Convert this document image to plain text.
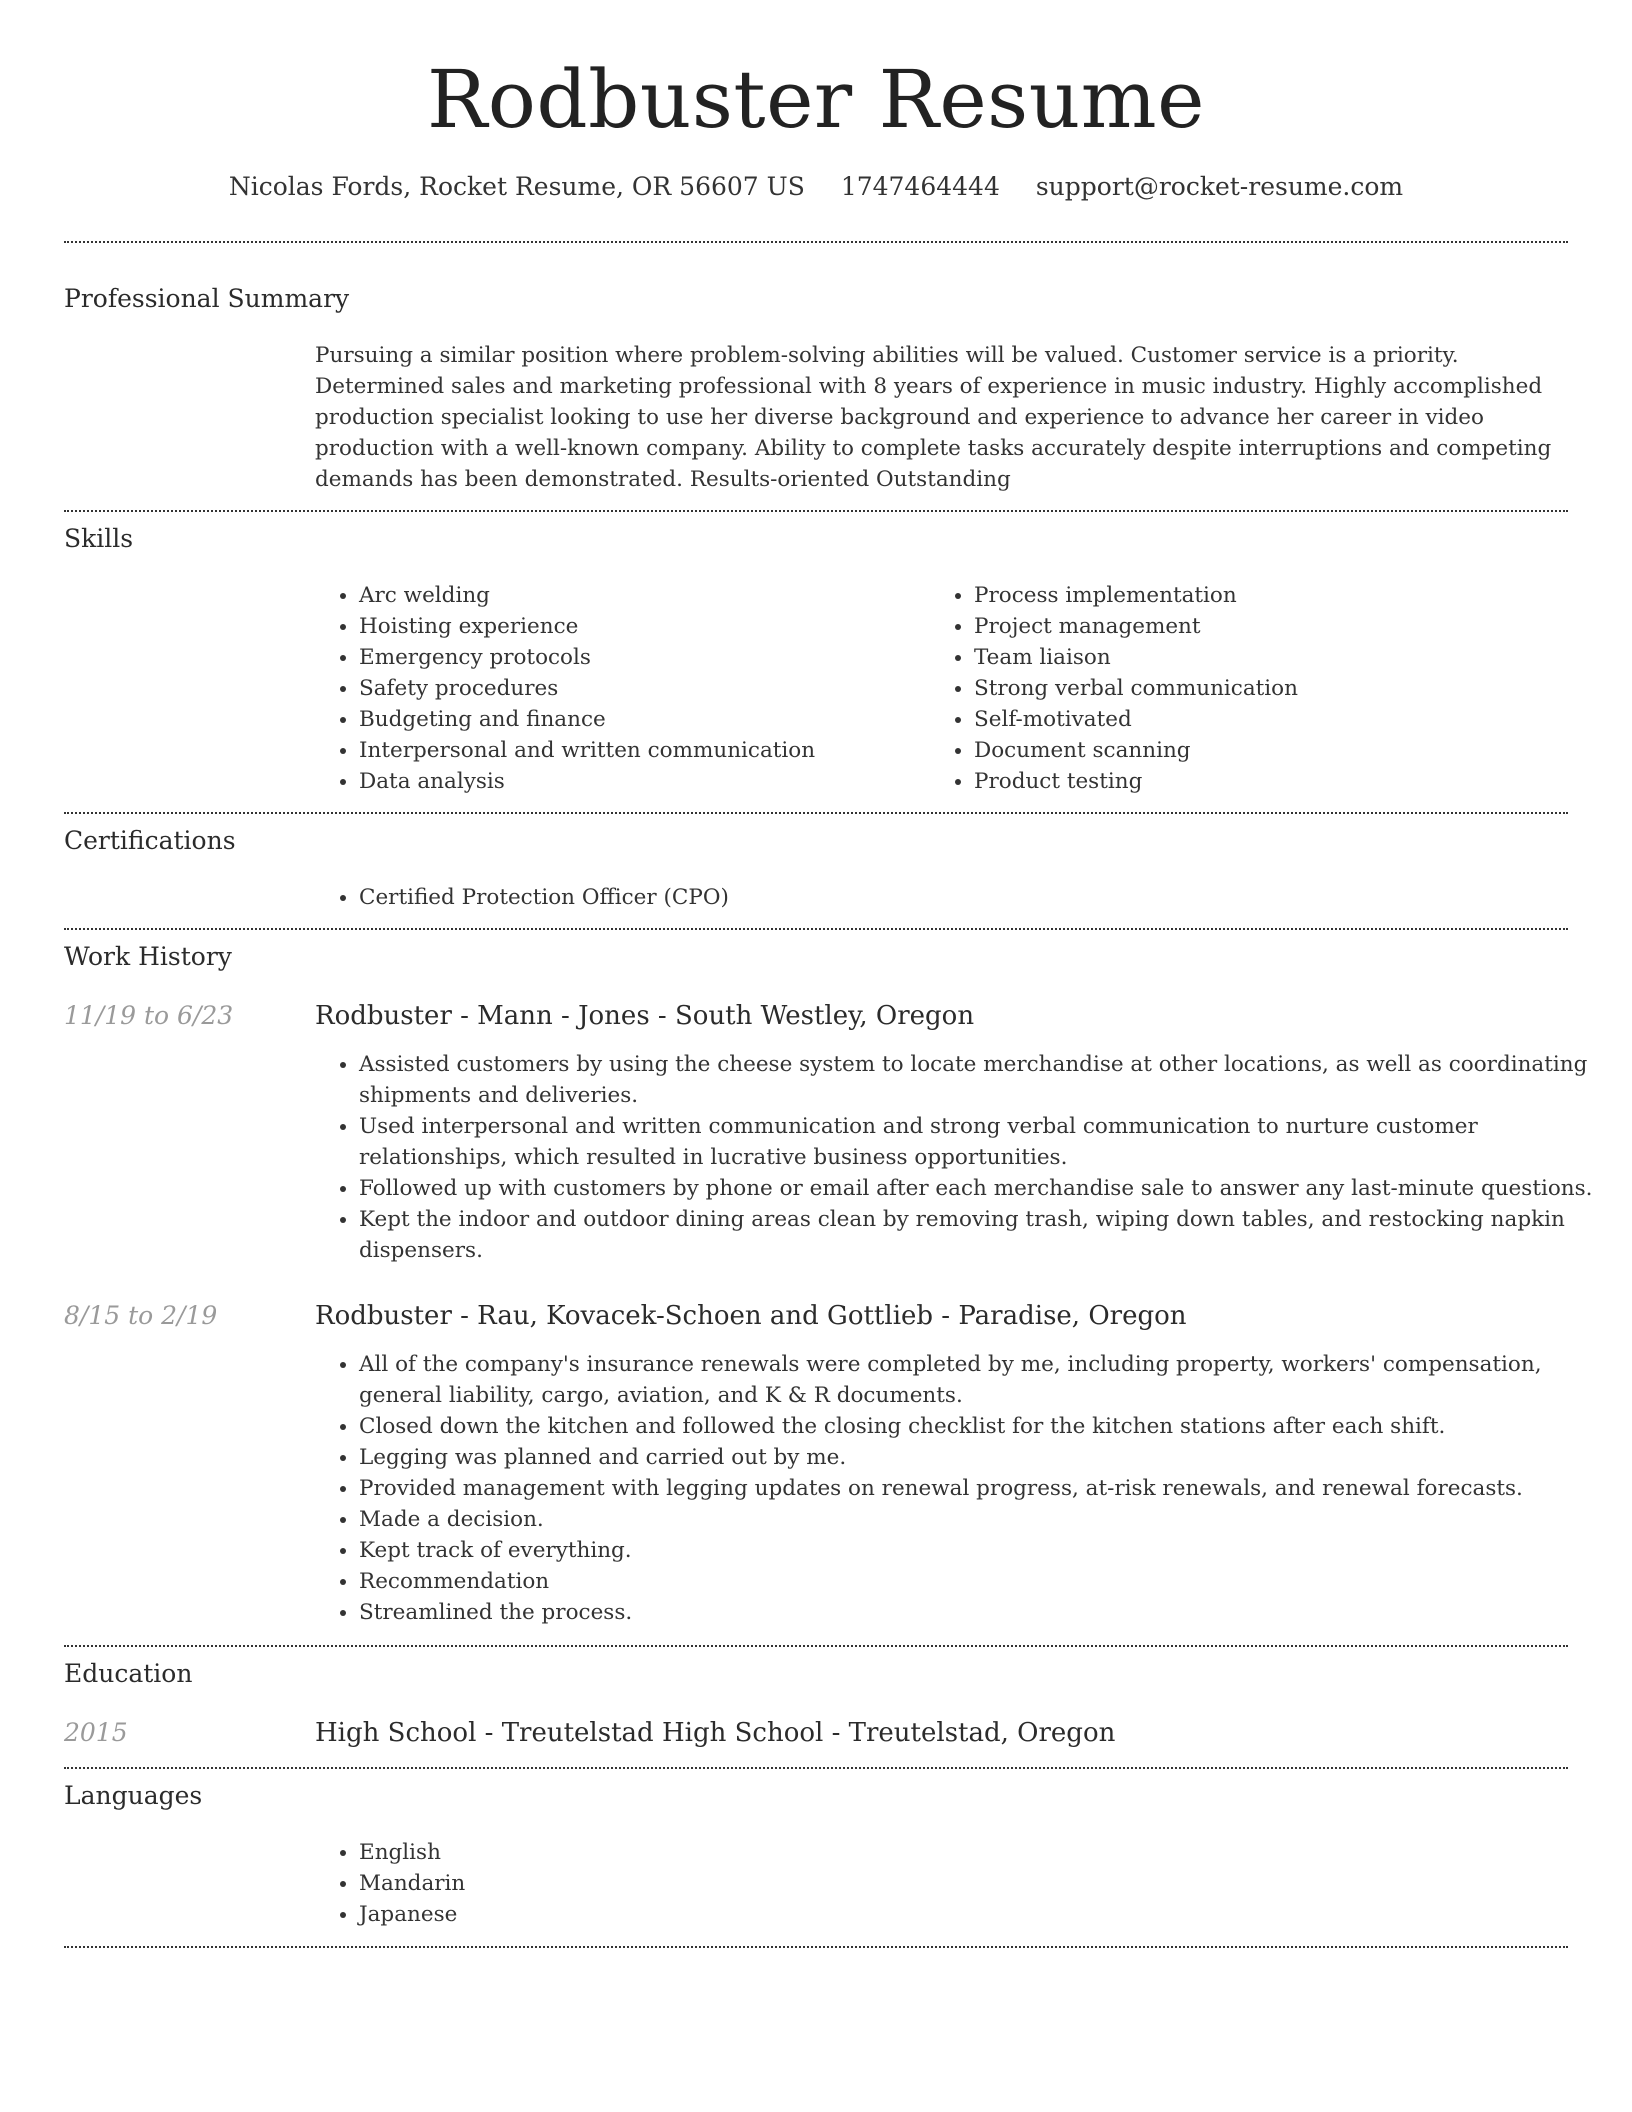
Rodbuster Resume
Nicolas Fords, Rocket Resume, OR 56607 US 1747464444 support@rocket-resume.com
Professional Summary

Pursuing a similar position where problem-solving abilities will be valued. Customer service is a priority. Determined sales and marketing professional with 8 years of experience in music industry. Highly accomplished production specialist looking to use her diverse background and experience to advance her career in video production with a well-known company. Ability to complete tasks accurately despite interruptions and competing demands has been demonstrated. Results-oriented Outstanding

Skills
• Arc welding
• Hoisting experience
• Emergency protocols
• Safety procedures
• Budgeting and finance
• Interpersonal and written communication
• Data analysis
• Process implementation
• Project management
• Team liaison
• Strong verbal communication
• Self-motivated
• Document scanning
• Product testing
Certifications
• Certified Protection Officer (CPO)
Work History
11/19 to 6/23	Rodbuster - Mann - Jones - South Westley, Oregon
• Assisted customers by using the cheese system to locate merchandise at other locations, as well as coordinating shipments and deliveries.
• Used interpersonal and written communication and strong verbal communication to nurture customer relationships, which resulted in lucrative business opportunities.
• Followed up with customers by phone or email after each merchandise sale to answer any last-minute questions.
• Kept the indoor and outdoor dining areas clean by removing trash, wiping down tables, and restocking napkin dispensers.
8/15 to 2/19	Rodbuster - Rau, Kovacek-Schoen and Gottlieb - Paradise, Oregon
• All of the company's insurance renewals were completed by me, including property, workers' compensation, general liability, cargo, aviation, and K & R documents.
• Closed down the kitchen and followed the closing checklist for the kitchen stations after each shift.
• Legging was planned and carried out by me.
• Provided management with legging updates on renewal progress, at-risk renewals, and renewal forecasts.
• Made a decision.
• Kept track of everything.
• Recommendation
• Streamlined the process.
Education
2015	High School - Treutelstad High School - Treutelstad, Oregon
Languages
• English
• Mandarin
• Japanese
